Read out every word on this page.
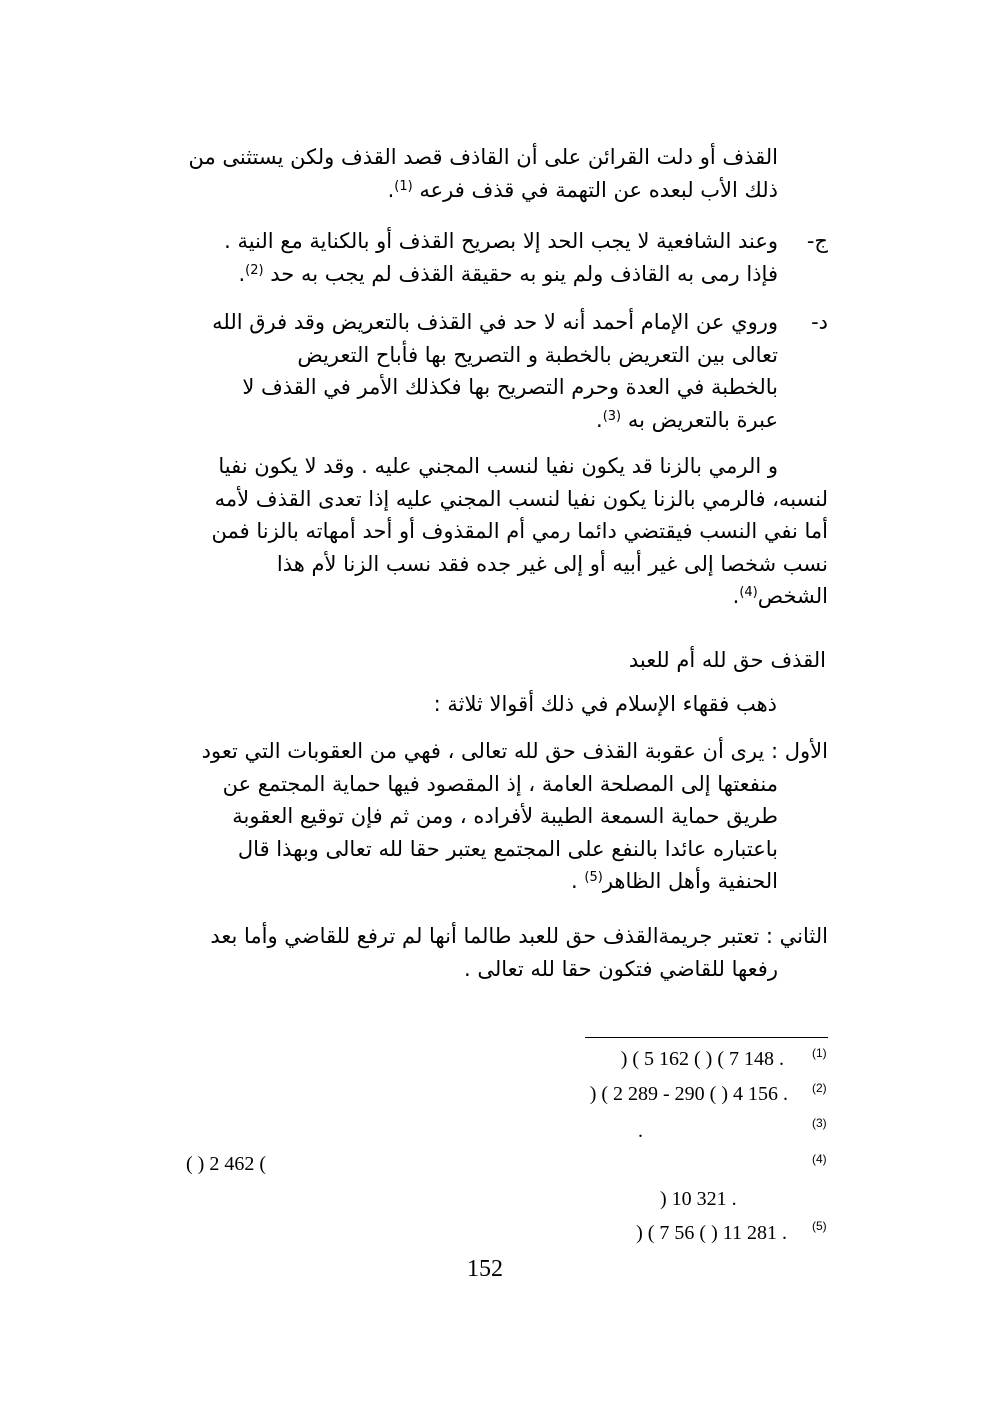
القذف أو دلت القرائن على أن القاذف قصد القذف ولكن يستثنى من
ذلك الأب لبعده عن التهمة في قذف فرعه $^{(1)}$.
ج-
وعند الشافعية لا يجب الحد إلا بصريح القذف أو بالكناية مع النية .
فإذا رمى به القاذف ولم ينو به حقيقة القذف لم يجب به حد $^{(2)}$.
د-
وروي عن الإمام أحمد أنه لا حد في القذف بالتعريض وقد فرق الله
تعالى بين التعريض بالخطبة و التصريح بها فأباح التعريض
بالخطبة في العدة وحرم التصريح بها فكذلك الأمر في القذف لا
عبرة بالتعريض به $^{(3)}$.
و الرمي بالزنا قد يكون نفيا لنسب المجني عليه . وقد لا يكون نفيا
لنسبه، فالرمي بالزنا يكون نفيا لنسب المجني عليه إذا تعدى القذف لأمه
أما نفي النسب فيقتضي دائما رمي أم المقذوف أو أحد أمهاته بالزنا فمن
نسب شخصا إلى غير أبيه أو إلى غير جده فقد نسب الزنا لأم هذا
الشخص$^{(4)}$.
القذف حق لله أم للعبد
ذهب فقهاء الإسلام في ذلك أقوالا ثلاثة :
الأول : يرى أن عقوبة القذف حق لله تعالى ، فهي من العقوبات التي تعود
منفعتها إلى المصلحة العامة ، إذ المقصود فيها حماية المجتمع عن
طريق حماية السمعة الطيبة لأفراده ، ومن ثم فإن توقيع العقوبة
باعتباره عائدا بالنفع على المجتمع يعتبر حقا لله تعالى وبهذا قال
الحنفية وأهل الظاهر$^{(5)}$ .
الثاني : تعتبر جريمةالقذف حق للعبد طالما أنها لم ترفع للقاضي وأما بعد
رفعها للقاضي فتكون حقا لله تعالى .
(1)
) ( 5 162 ( ) ( 7 148 .
(2)
) ( 2 289 - 290 ( ) 4 156 .
(3)
.
(4)
( ) 2 462 (
) 10 321 .
(5)
) ( 7 56 ( ) 11 281 .
152
